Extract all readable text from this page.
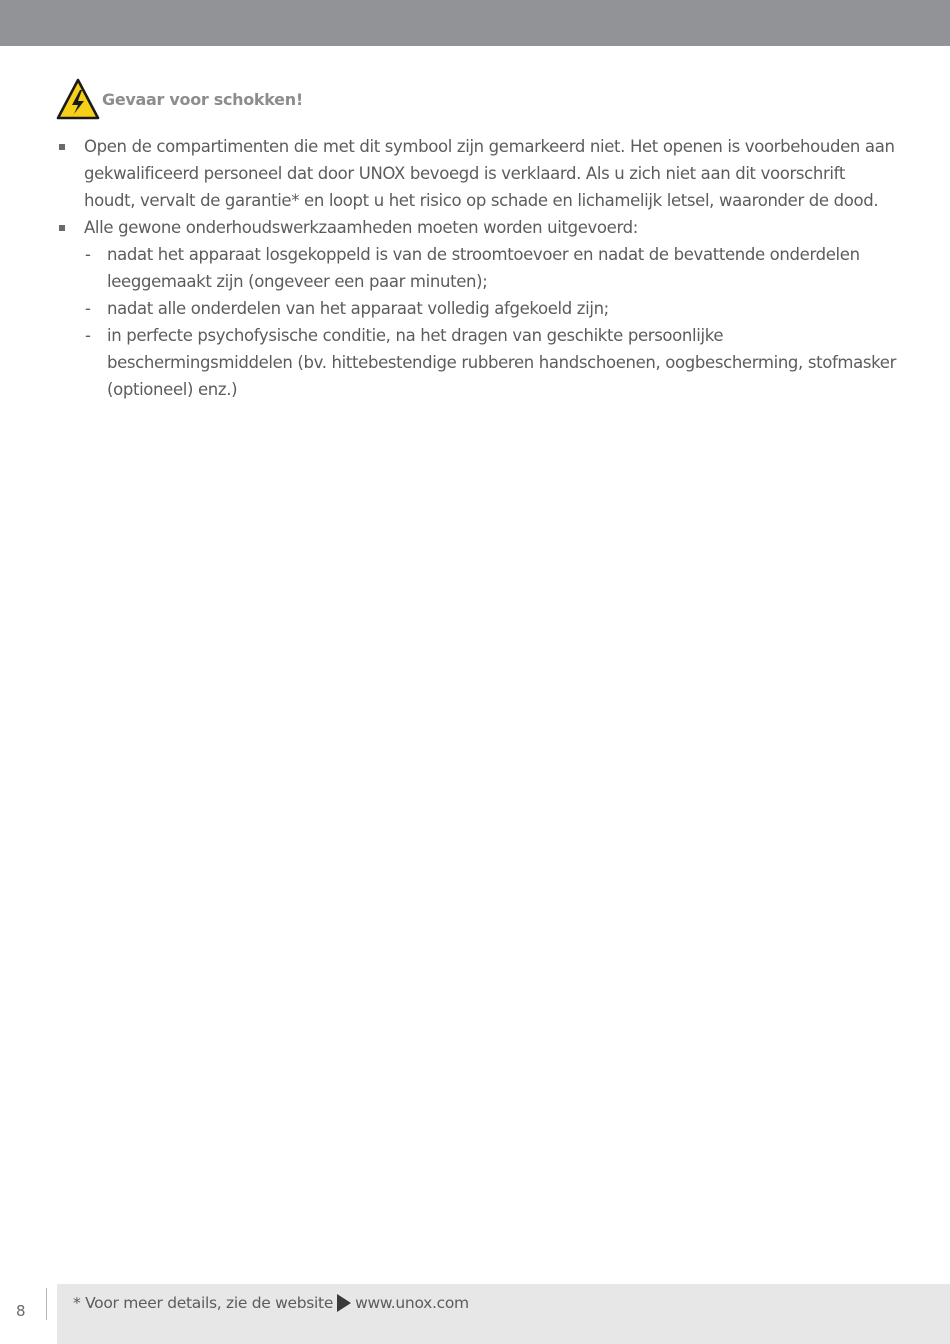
Gevaar voor schokken!
Open de compartimenten die met dit symbool zijn gemarkeerd niet. Het openen is voorbehouden aan gekwalificeerd personeel dat door UNOX bevoegd is verklaard. Als u zich niet aan dit voorschrift houdt, vervalt de garantie* en loopt u het risico op schade en lichamelijk letsel, waaronder de dood.
Alle gewone onderhoudswerkzaamheden moeten worden uitgevoerd:
- nadat het apparaat losgekoppeld is van de stroomtoevoer en nadat de bevattende onderdelen leeggemaakt zijn (ongeveer een paar minuten);
- nadat alle onderdelen van het apparaat volledig afgekoeld zijn;
- in perfecte psychofysische conditie, na het dragen van geschikte persoonlijke beschermingsmiddelen (bv. hittebestendige rubberen handschoenen, oogbescherming, stofmasker (optioneel) enz.)
8	* Voor meer details, zie de website www.unox.com
